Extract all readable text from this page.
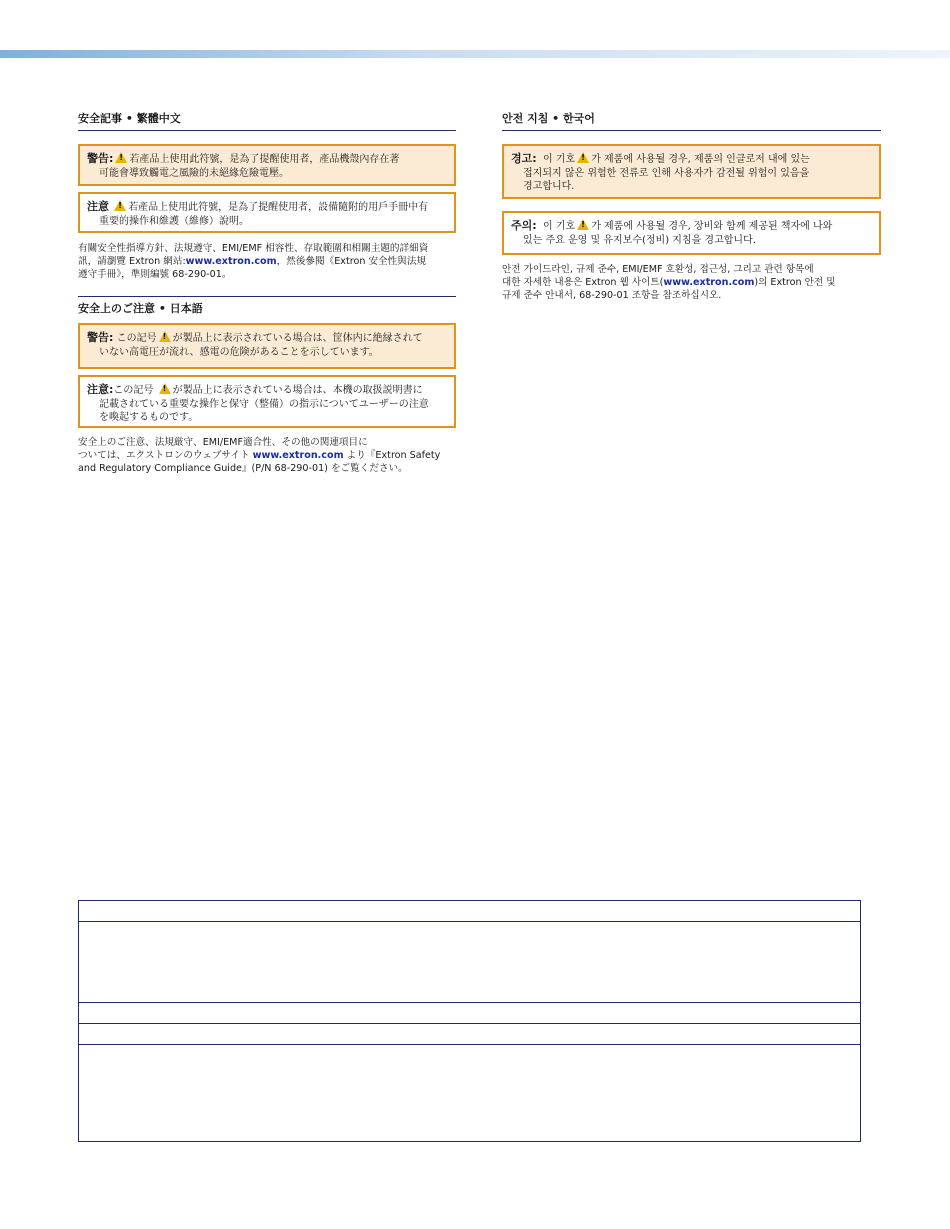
安全記事 • 繁體中文
警告: ! 若產品上使用此符號，是為了提醒使用者，產品機殼內存在著
可能會導致觸電之風險的未絕緣危險電壓。
注意 ! 若產品上使用此符號，是為了提醒使用者，設備隨附的用戶手冊中有
重要的操作和維護（維修）說明。
有關安全性指導方針、法規遵守、EMI/EMF 相容性、存取範圍和相關主題的詳細資
訊，請瀏覽 Extron 網站:www.extron.com，然後參閱《Extron 安全性與法規
遵守手冊》，準則編號 68-290-01。
安全上のご注意 • 日本語
警告: この記号 ! が製品上に表示されている場合は、筐体内に絶縁されて
いない高電圧が流れ、感電の危険があることを示しています。
注意:この記号 ! が製品上に表示されている場合は、本機の取扱説明書に
記載されている重要な操作と保守（整備）の指示についてユーザーの注意
を喚起するものです。
安全上のご注意、法規厳守、EMI/EMF適合性、その他の関連項目に
ついては、エクストロンのウェブサイト www.extron.com より『Extron Safety
and Regulatory Compliance Guide』(P/N 68-290-01) をご覧ください。
안전 지침 • 한국어
경고: 이 기호 ! 가 제품에 사용될 경우, 제품의 인클로저 내에 있는
접지되지 않은 위험한 전류로 인해 사용자가 감전될 위험이 있음을
경고합니다.
주의: 이 기호 ! 가 제품에 사용될 경우, 장비와 함께 제공된 책자에 나와
있는 주요 운영 및 유지보수(정비) 지침을 경고합니다.
안전 가이드라인, 규제 준수, EMI/EMF 호환성, 접근성, 그리고 관련 항목에
대한 자세한 내용은 Extron 웹 사이트(www.extron.com)의 Extron 안전 및
규제 준수 안내서, 68-290-01 조항을 참조하십시오.
